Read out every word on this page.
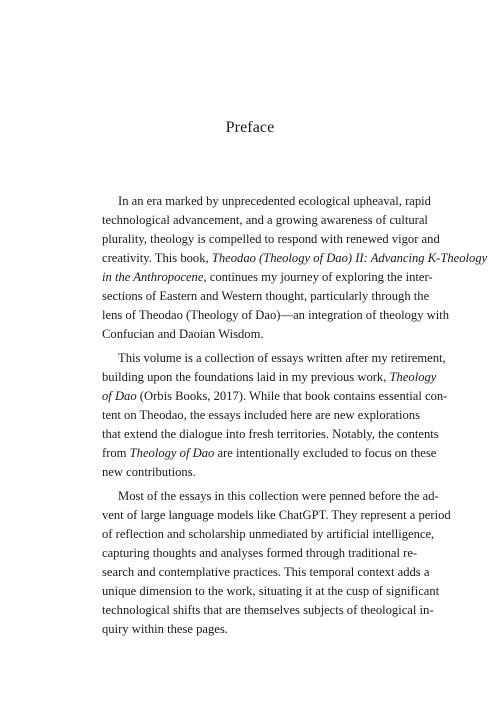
Preface
In an era marked by unprecedented ecological upheaval, rapid
technological advancement, and a growing awareness of cultural
plurality, theology is compelled to respond with renewed vigor and
creativity. This book, Theodao (Theology of Dao) II: Advancing K-Theology
in the Anthropocene, continues my journey of exploring the inter-
sections of Eastern and Western thought, particularly through the
lens of Theodao (Theology of Dao)—an integration of theology with
Confucian and Daoian Wisdom.
This volume is a collection of essays written after my retirement,
building upon the foundations laid in my previous work, Theology
of Dao (Orbis Books, 2017). While that book contains essential con-
tent on Theodao, the essays included here are new explorations
that extend the dialogue into fresh territories. Notably, the contents
from Theology of Dao are intentionally excluded to focus on these
new contributions.
Most of the essays in this collection were penned before the ad-
vent of large language models like ChatGPT. They represent a period
of reflection and scholarship unmediated by artificial intelligence,
capturing thoughts and analyses formed through traditional re-
search and contemplative practices. This temporal context adds a
unique dimension to the work, situating it at the cusp of significant
technological shifts that are themselves subjects of theological in-
quiry within these pages.
